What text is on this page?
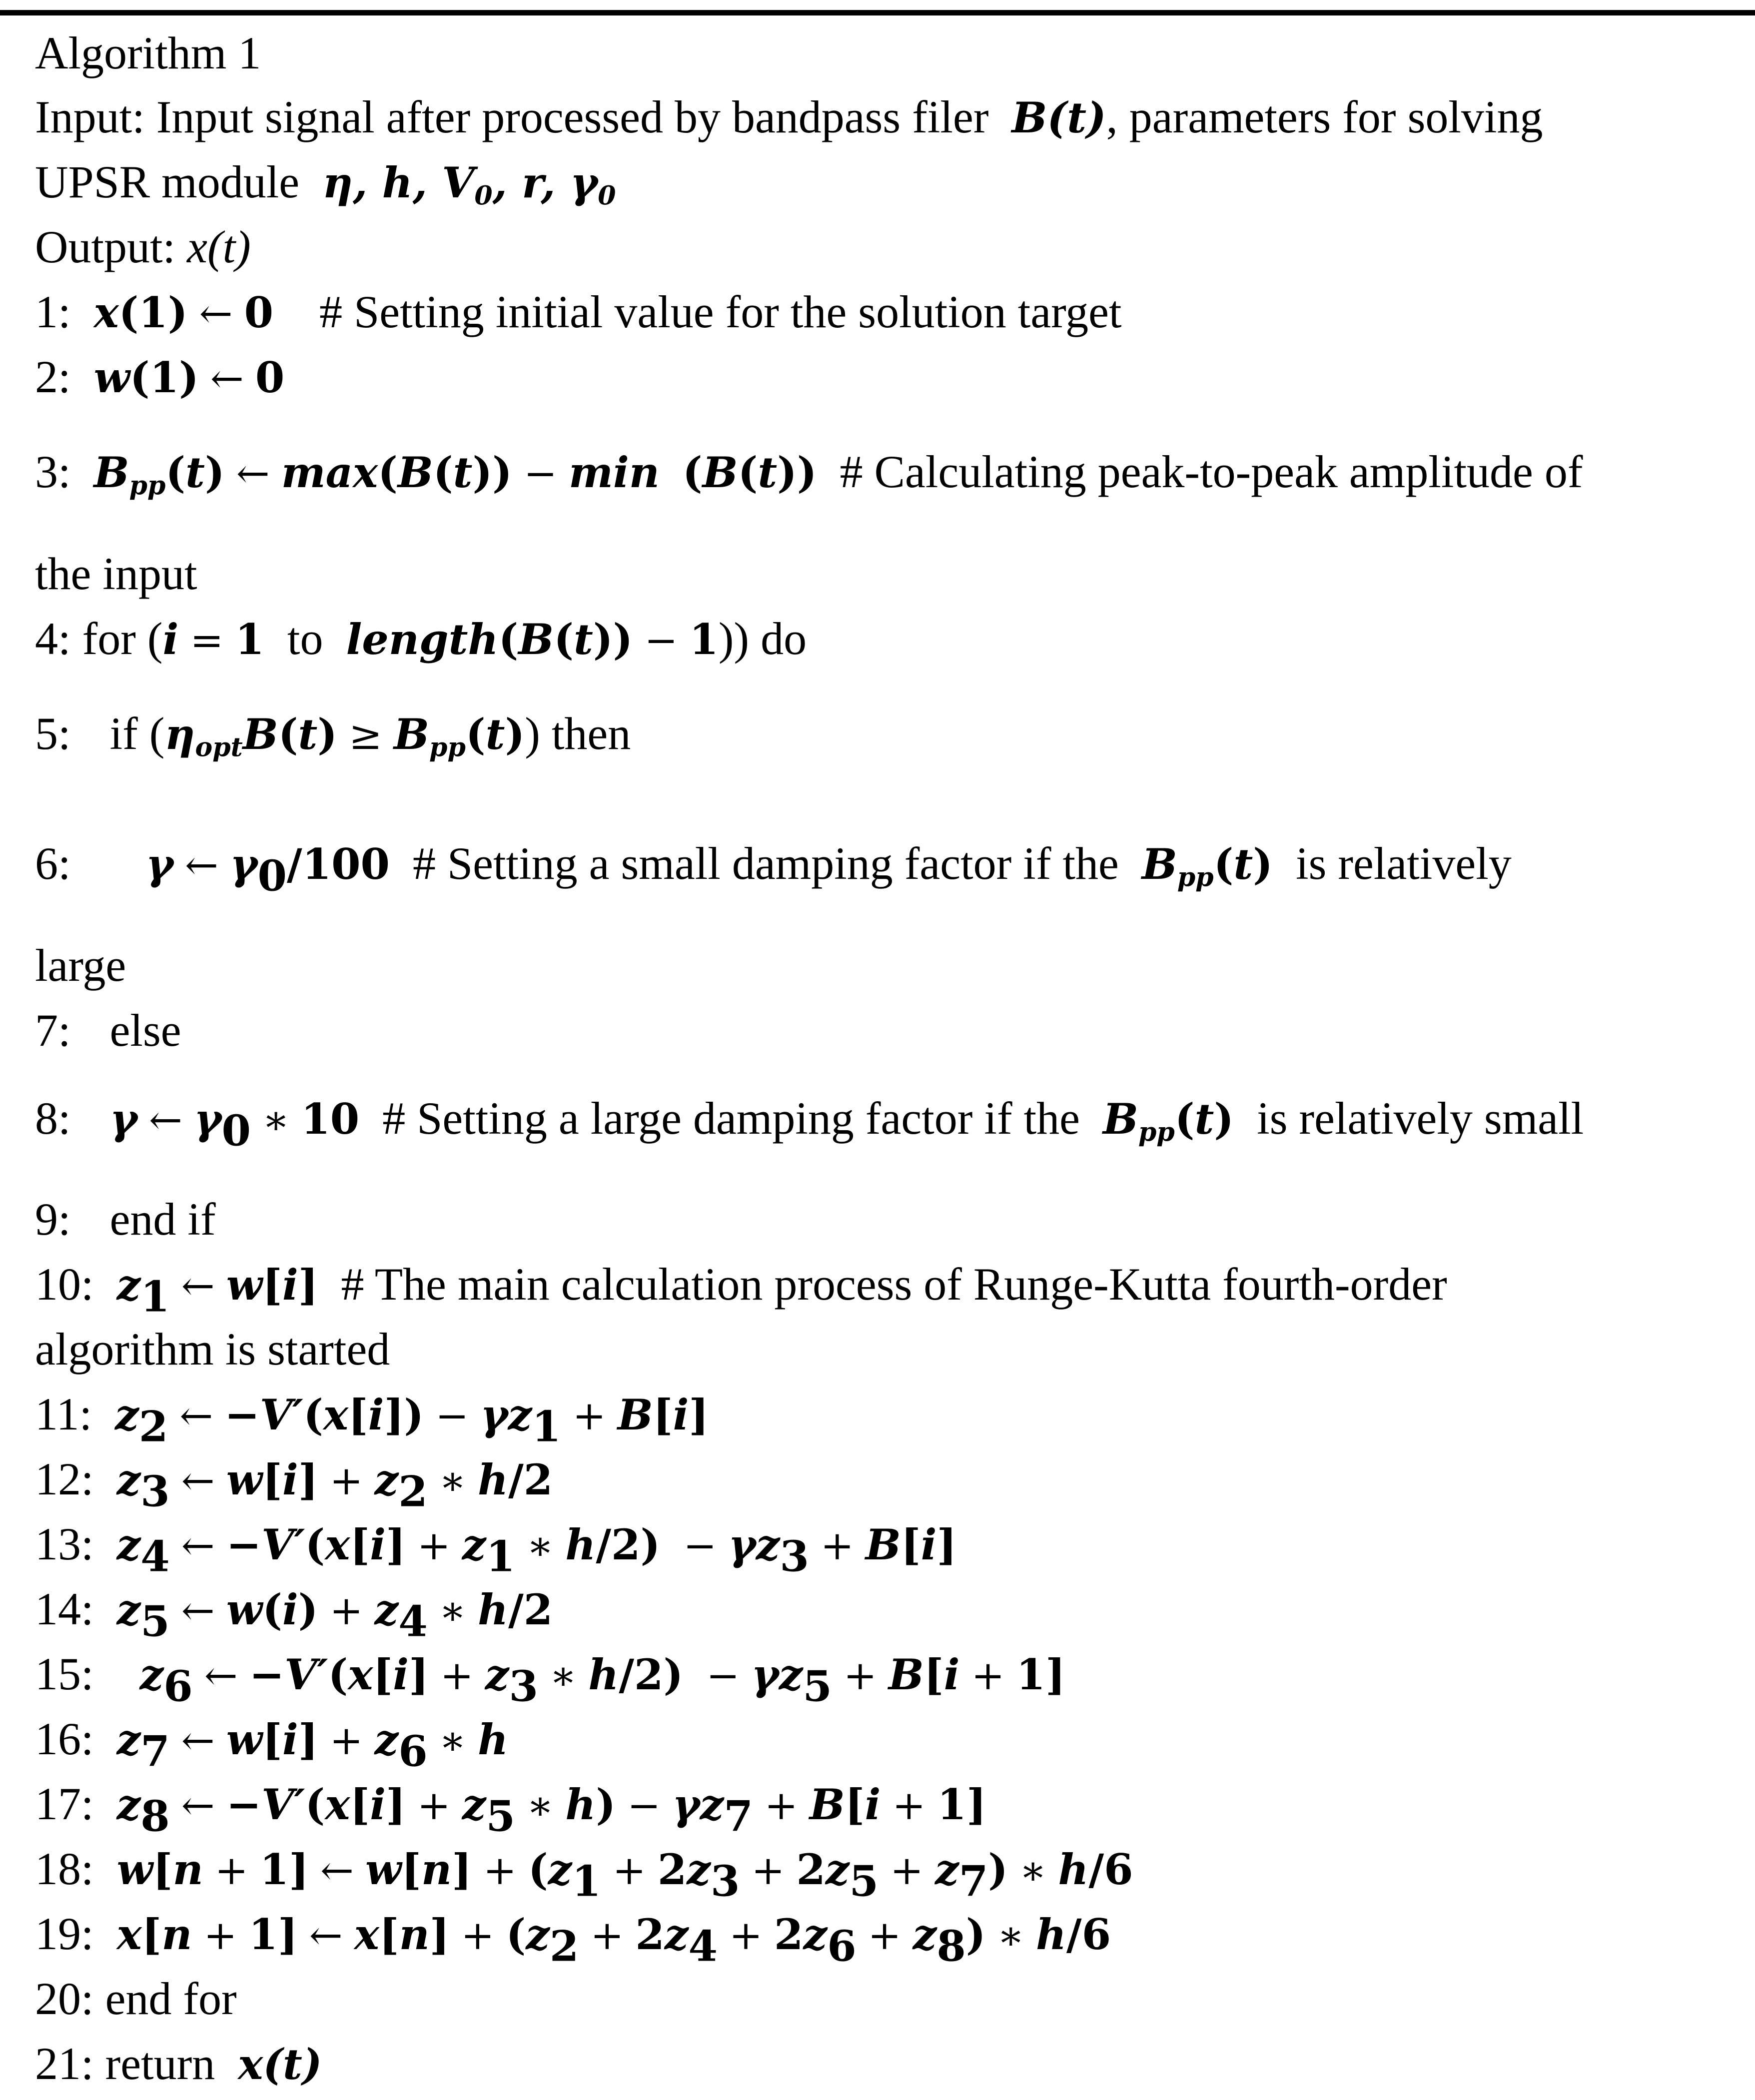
Algorithm 1
Input: Input signal after processed by bandpass filer B(t), parameters for solving
UPSR module η, h, $V_0$, r, $\gamma_0$
Output: x(t)
1: x(1) ← 0 # Setting initial value for the solution target
2: w(1) ← 0
3: $B_{pp}(t)$ ← max(B(t)) − min (B(t)) # Calculating peak-to-peak amplitude of
the input
4: for (i = 1 to length(B(t)) − 1)) do
5: if $(\eta_{opt}B(t) \ge B_{pp}(t))$ then
6: γ ← $\gamma_0/100$ # Setting a small damping factor if the $B_{pp}(t)$ is relatively
large
7: else
8: γ ← $\gamma_0$ ∗ 10 # Setting a large damping factor if the $B_{pp}(t)$ is relatively small
9: end if
10: $z_1$ ← w[i] # The main calculation process of Runge-Kutta fourth-order
algorithm is started
11: $z_2$ ← $-V'(x[i]) - \gamma z_1 + B[i]$
12: $z_3$ ← $w[i] + z_2$ ∗ h/2
13: $z_4$ ← $-V'(x[i] + z_1$ ∗ $h/2) - \gamma z_3 + B[i]$
14: $z_5$ ← $w(i) + z_4$ ∗ h/2
15: $z_6$ ← $-V'(x[i] + z_3$ ∗ $h/2) - \gamma z_5 + B[i + 1]$
16: $z_7$ ← $w[i] + z_6$ ∗ h
17: $z_8$ ← $-V'(x[i] + z_5$ ∗ $h) - \gamma z_7 + B[i + 1]$
18: w[n + 1] ← $w[n] + (z_1 + 2z_3 + 2z_5 + z_7)$ ∗ h/6
19: x[n + 1] ← $x[n] + (z_2 + 2z_4 + 2z_6 + z_8)$ ∗ h/6
20: end for
21: return x(t)
